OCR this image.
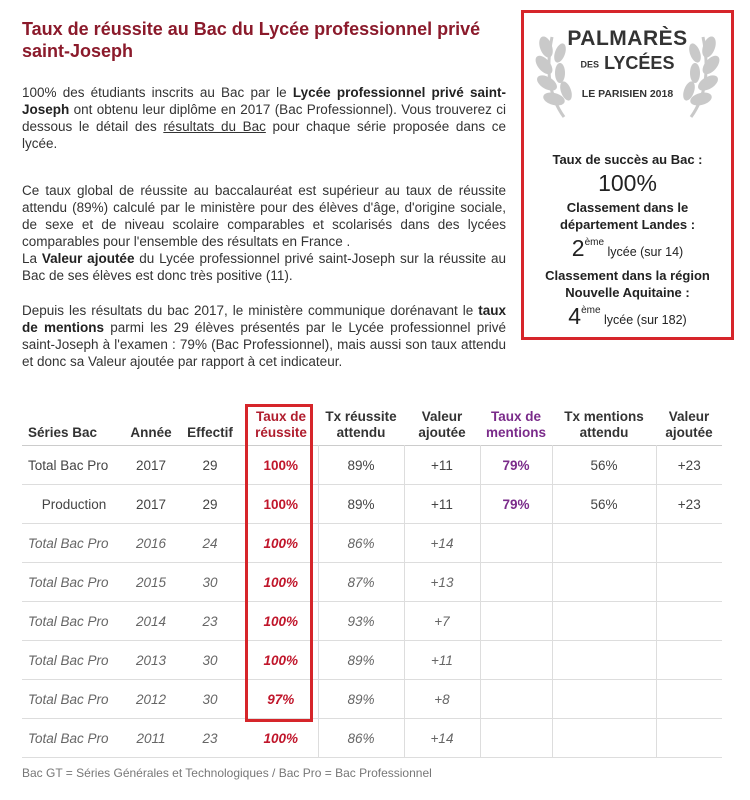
Taux de réussite au Bac du Lycée professionnel privé saint-Joseph

100% des étudiants inscrits au Bac par le Lycée professionnel privé saint-Joseph ont obtenu leur diplôme en 2017 (Bac Professionnel). Vous trouverez ci dessous le détail des résultats du Bac pour chaque série proposée dans ce lycée.

Ce taux global de réussite au baccalauréat est supérieur au taux de réussite attendu (89%) calculé par le ministère pour des élèves d'âge, d'origine sociale, de sexe et de niveau scolaire comparables et scolarisés dans des lycées comparables pour l'ensemble des résultats en France .
La Valeur ajoutée du Lycée professionnel privé saint-Joseph sur la réussite au Bac de ses élèves est donc très positive (11).

Depuis les résultats du bac 2017, le ministère communique dorénavant le taux de mentions parmi les 29 élèves présentés par le Lycée professionnel privé saint-Joseph à l'examen : 79% (Bac Professionnel), mais aussi son taux attendu et donc sa Valeur ajoutée par rapport à cet indicateur.

PALMARÈS
DES LYCÉES
LE PARISIEN 2018
Taux de succès au Bac :
100%
Classement dans le département Landes :
2ème lycée (sur 14)
Classement dans la région Nouvelle Aquitaine :
4ème lycée (sur 182)
Séries Bac	Année	Effectif	Taux de réussite	Tx réussite attendu	Valeur ajoutée	Taux de mentions	Tx mentions attendu	Valeur ajoutée
Total Bac Pro	2017	29	100%	89%	+11	79%	56%	+23
Production	2017	29	100%	89%	+11	79%	56%	+23
Total Bac Pro	2016	24	100%	86%	+14			
Total Bac Pro	2015	30	100%	87%	+13			
Total Bac Pro	2014	23	100%	93%	+7			
Total Bac Pro	2013	30	100%	89%	+11			
Total Bac Pro	2012	30	97%	89%	+8			
Total Bac Pro	2011	23	100%	86%	+14			

Bac GT = Séries Générales et Technologiques / Bac Pro = Bac Professionnel
